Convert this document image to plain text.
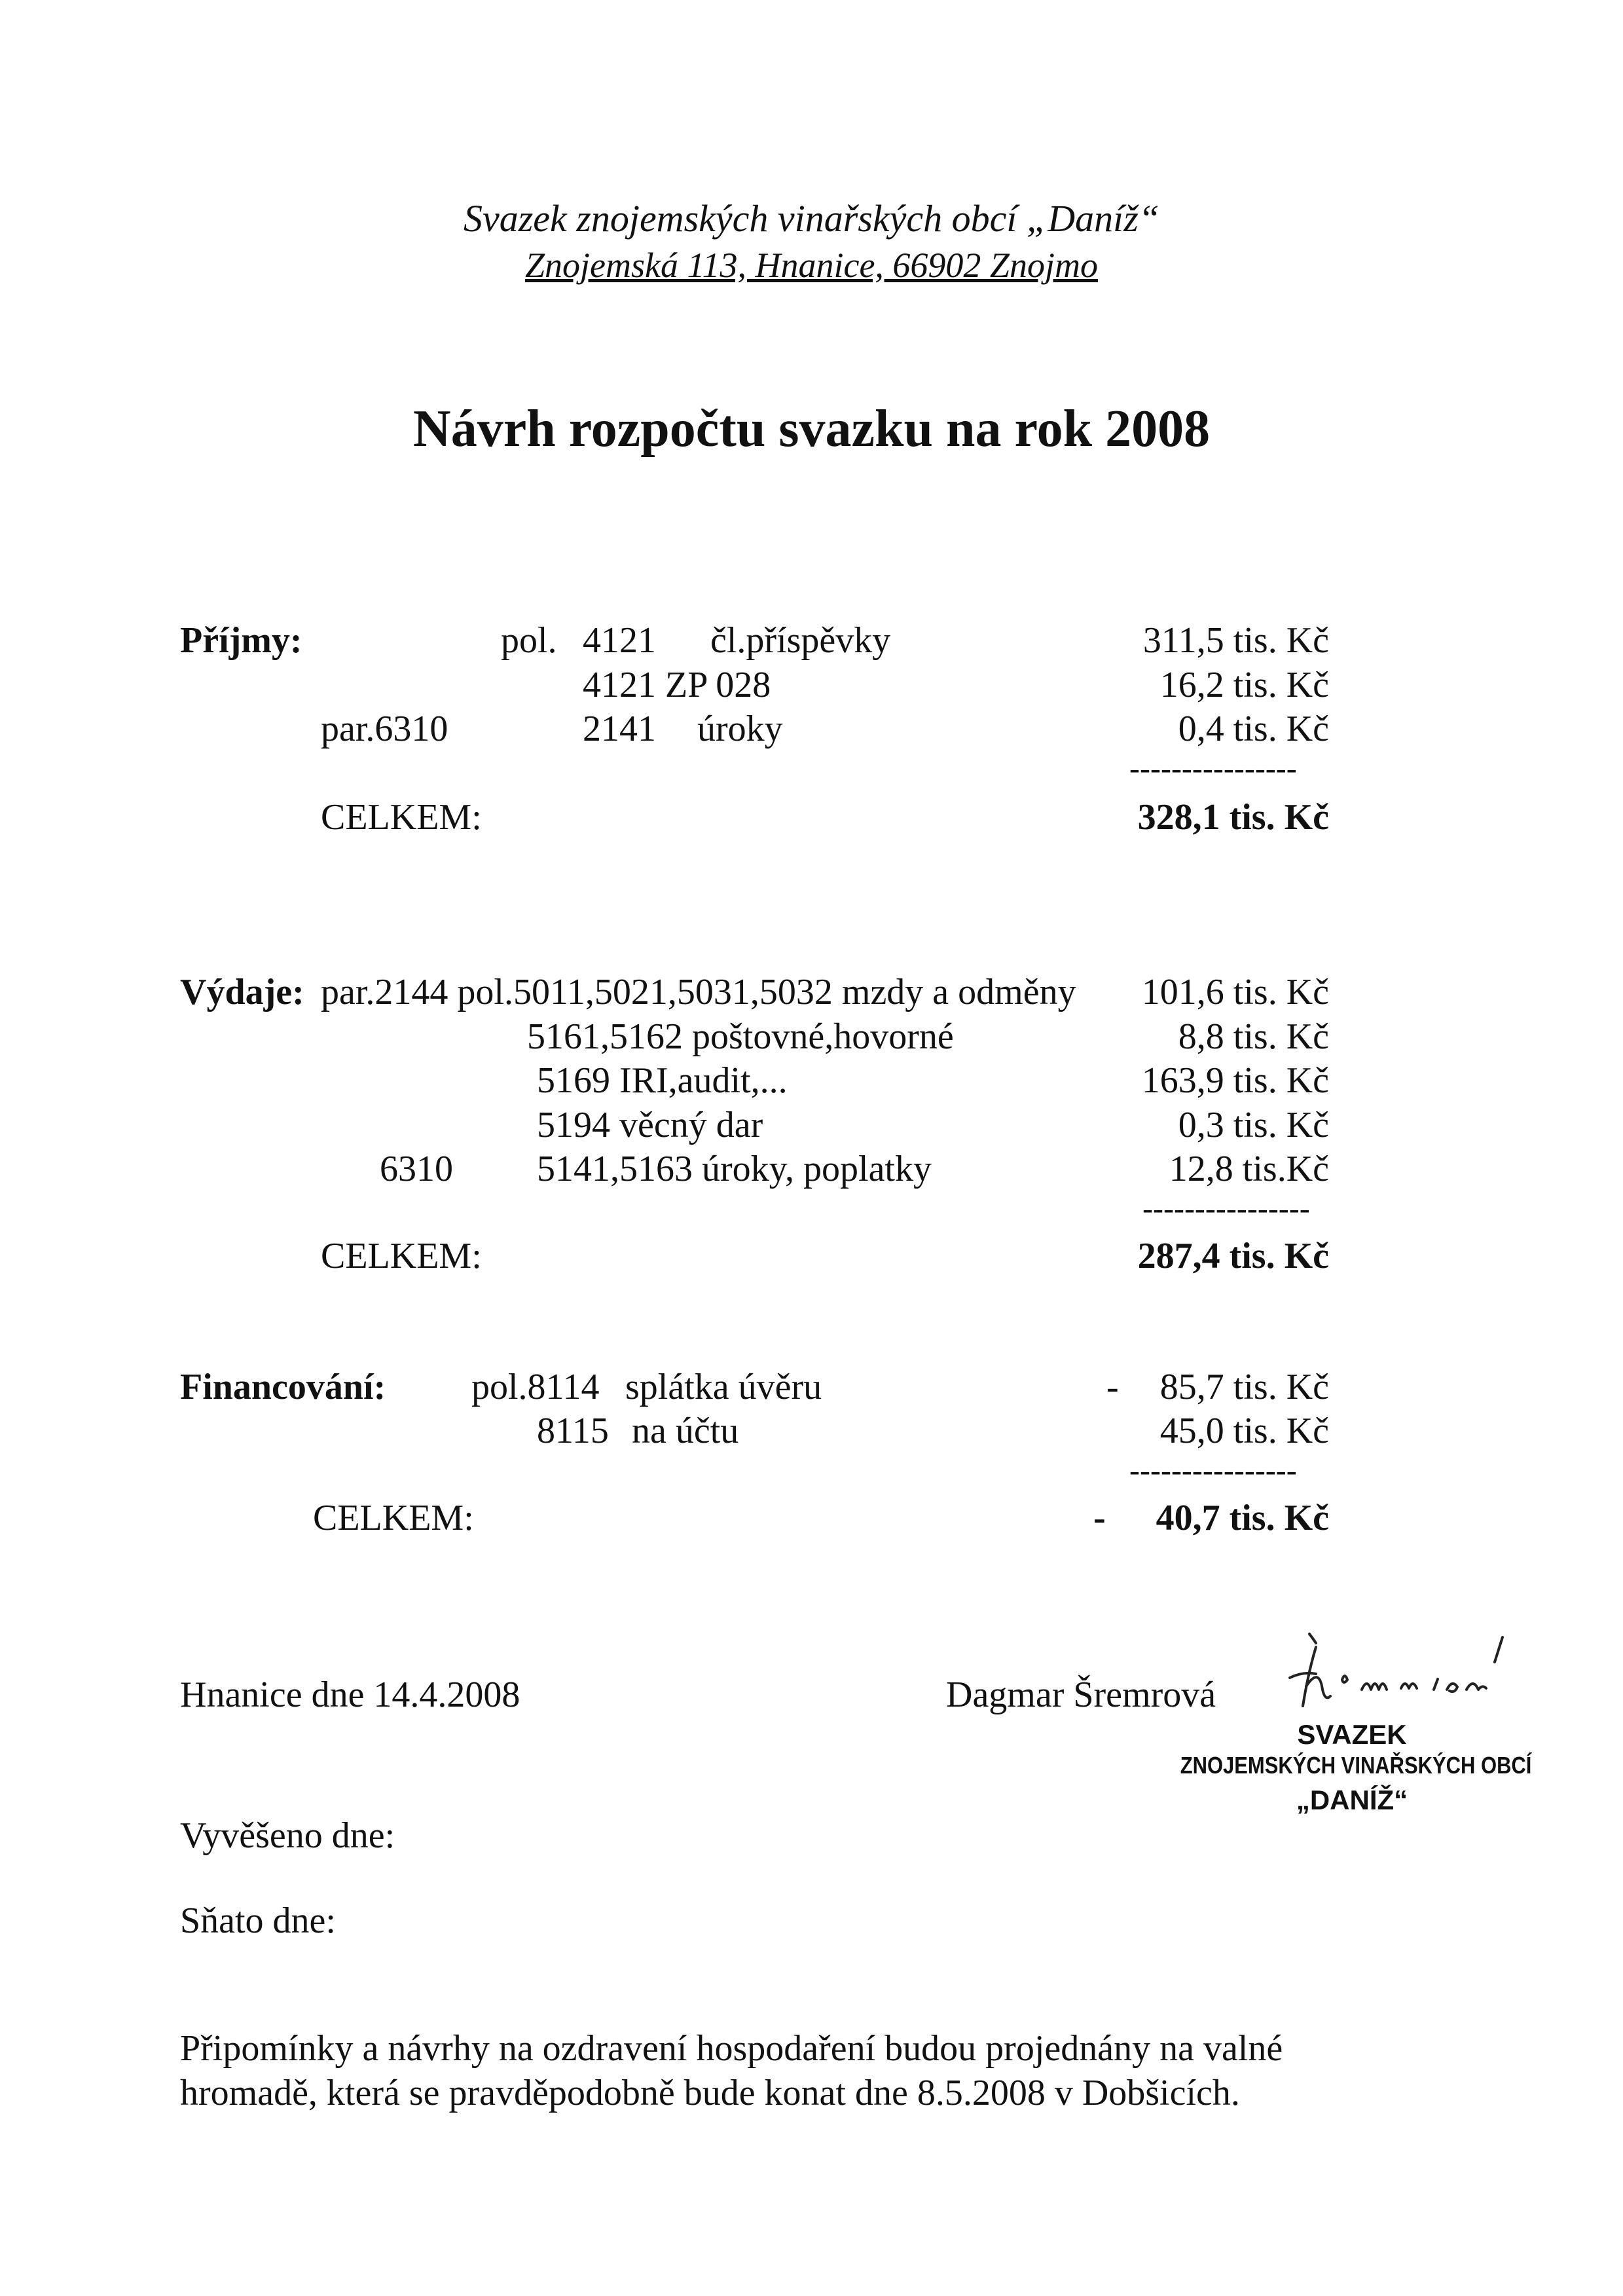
Svazek znojemských vinařských obcí „Daníž“
Znojemská 113, Hnanice, 66902 Znojmo
Návrh rozpočtu svazku na rok 2008
Příjmy:	pol. 4121 čl.příspěvky	311,5 tis. Kč
4121 ZP 028	16,2 tis. Kč
par.6310	2141 úroky	0,4 tis. Kč
----------------
CELKEM:	328,1 tis. Kč
Výdaje: par.2144 pol.5011,5021,5031,5032 mzdy a odměny	101,6 tis. Kč
5161,5162 poštovné,hovorné	8,8 tis. Kč
5169 IRI,audit,...	163,9 tis. Kč
5194 věcný dar	0,3 tis. Kč
6310 5141,5163 úroky, poplatky	12,8 tis.Kč
----------------
CELKEM:	287,4 tis. Kč
Financování: pol.8114 splátka úvěru	-	85,7 tis. Kč
8115 na účtu	45,0 tis. Kč
----------------
CELKEM:	-	40,7 tis. Kč
Hnanice dne 14.4.2008	Dagmar Šremrová
SVAZEK
ZNOJEMSKÝCH VINAŘSKÝCH OBCÍ
„DANÍŽ“
Vyvěšeno dne:
Sňato dne:
Připomínky a návrhy na ozdravení hospodaření budou projednány na valné
hromadě, která se pravděpodobně bude konat dne 8.5.2008 v Dobšicích.
